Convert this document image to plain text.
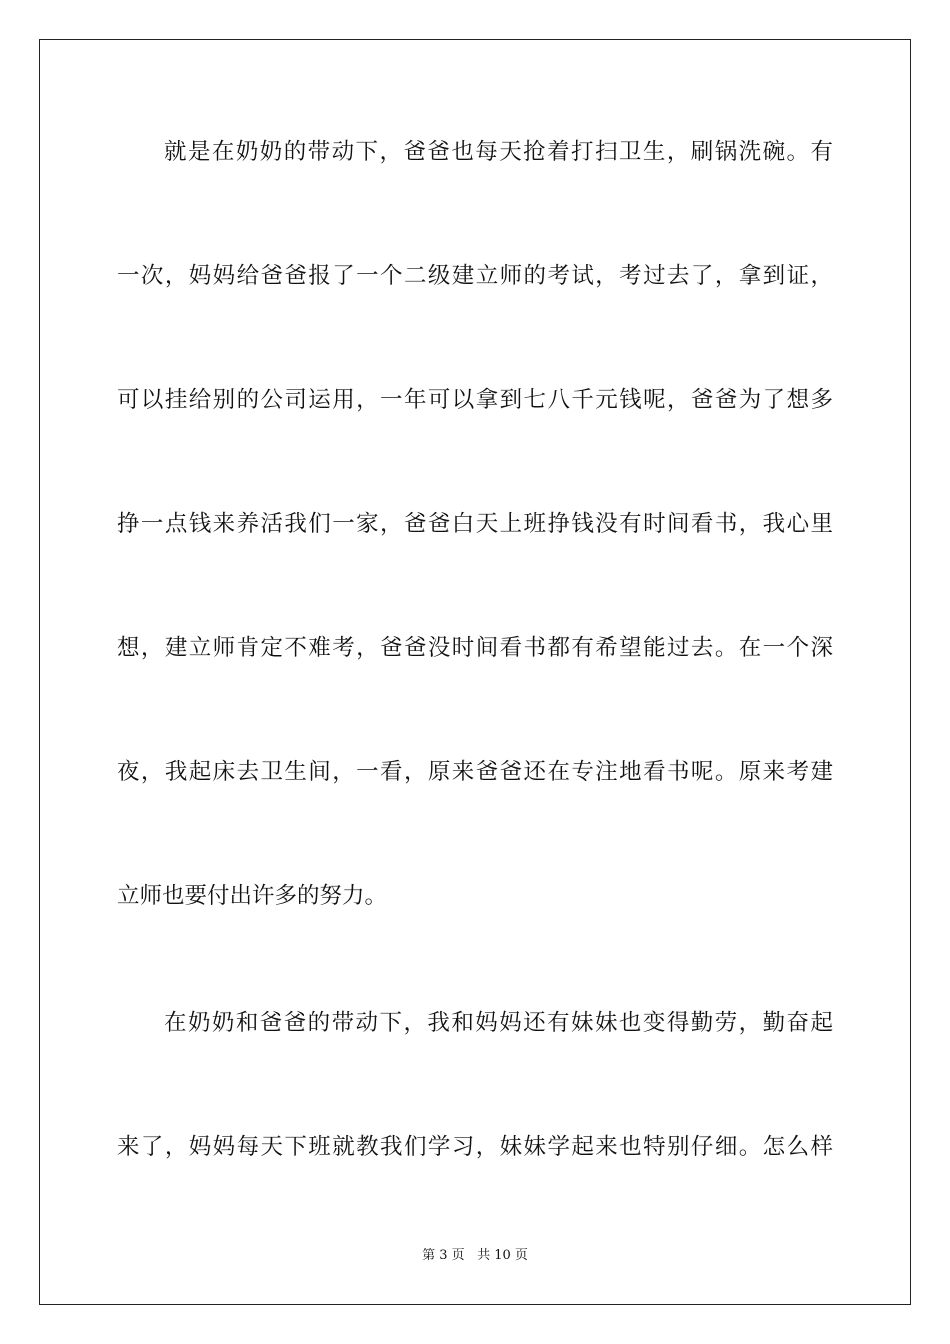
就是在奶奶的带动下，爸爸也每天抢着打扫卫生，刷锅洗碗。有
一次，妈妈给爸爸报了一个二级建立师的考试，考过去了，拿到证，
可以挂给别的公司运用，一年可以拿到七八千元钱呢，爸爸为了想多
挣一点钱来养活我们一家，爸爸白天上班挣钱没有时间看书，我心里
想，建立师肯定不难考，爸爸没时间看书都有希望能过去。在一个深
夜，我起床去卫生间，一看，原来爸爸还在专注地看书呢。原来考建
立师也要付出许多的努力。
在奶奶和爸爸的带动下，我和妈妈还有妹妹也变得勤劳，勤奋起
来了，妈妈每天下班就教我们学习，妹妹学起来也特别仔细。怎么样
第 3 页 共 10 页
